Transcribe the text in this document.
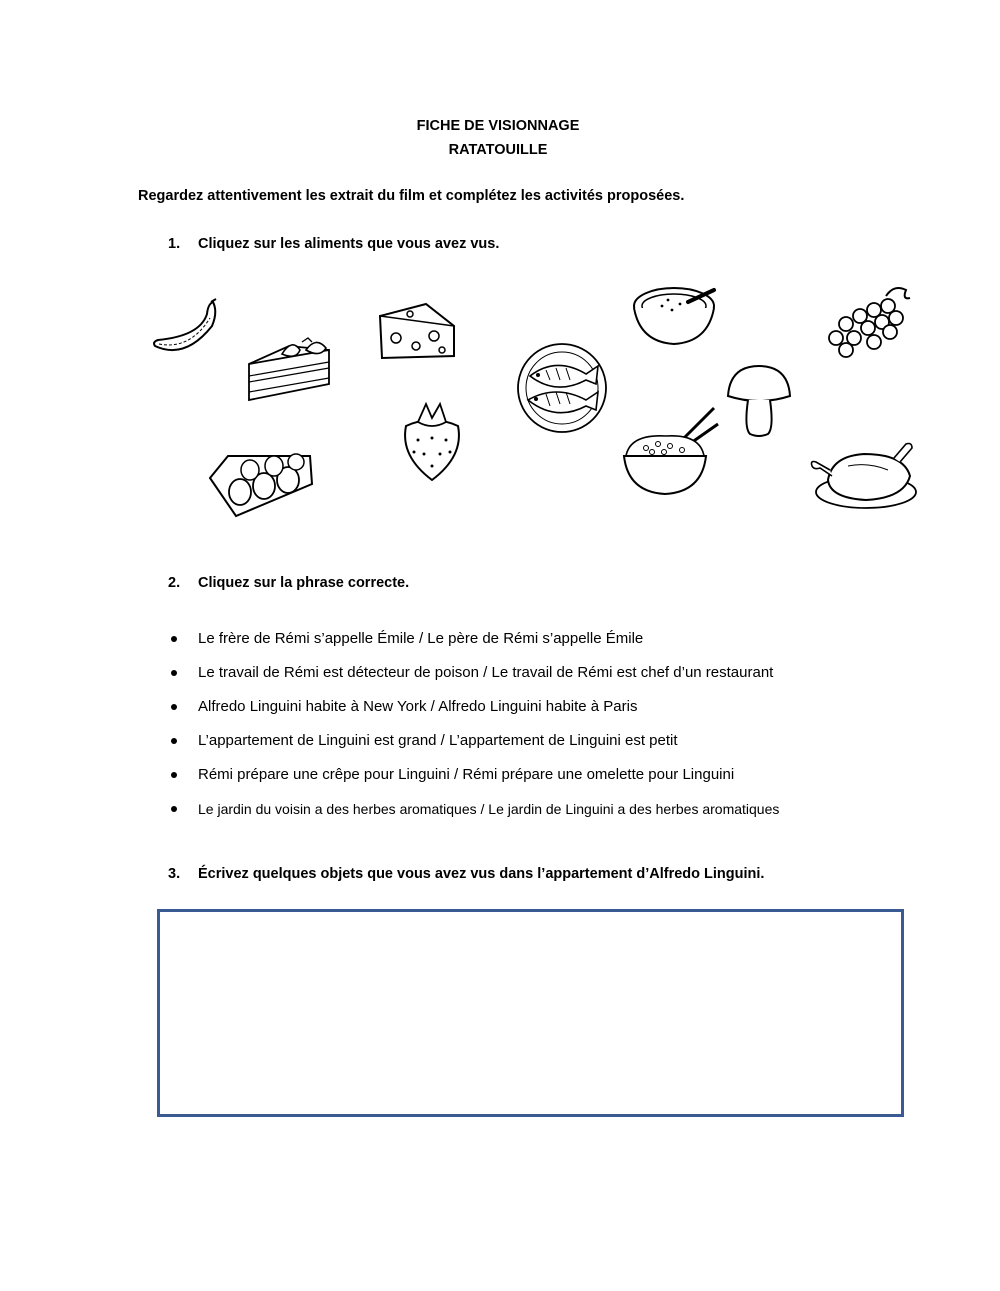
FICHE DE VISIONNAGE
RATATOUILLE
Regardez attentivement les extrait du film et complétez les activités proposées.
1. Cliquez sur les aliments que vous avez vus.
2. Cliquez sur la phrase correcte.
Le frère de Rémi s’appelle Émile / Le père de Rémi s’appelle Émile
Le travail de Rémi est détecteur de poison / Le travail de Rémi est chef d’un restaurant
Alfredo Linguini habite à New York / Alfredo Linguini habite à Paris
L’appartement de Linguini est grand / L’appartement de Linguini est petit
Rémi prépare une crêpe pour Linguini / Rémi prépare une omelette pour Linguini
Le jardin du voisin a des herbes aromatiques / Le jardin de Linguini a des herbes aromatiques
3. Écrivez quelques objets que vous avez vus dans l’appartement d’Alfredo Linguini.
